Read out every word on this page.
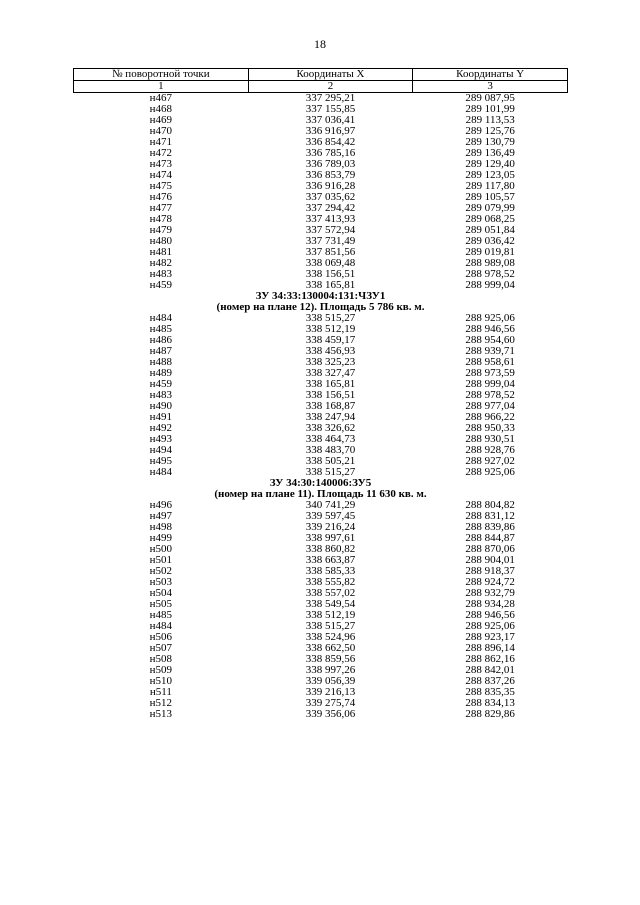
18
№ поворотной точки	Координаты X	Координаты Y
1	2	3
н467	337 295,21	289 087,95
н468	337 155,85	289 101,99
н469	337 036,41	289 113,53
н470	336 916,97	289 125,76
н471	336 854,42	289 130,79
н472	336 785,16	289 136,49
н473	336 789,03	289 129,40
н474	336 853,79	289 123,05
н475	336 916,28	289 117,80
н476	337 035,62	289 105,57
н477	337 294,42	289 079,99
н478	337 413,93	289 068,25
н479	337 572,94	289 051,84
н480	337 731,49	289 036,42
н481	337 851,56	289 019,81
н482	338 069,48	288 989,08
н483	338 156,51	288 978,52
н459	338 165,81	288 999,04
ЗУ 34:33:130004:131:ЧЗУ1		
(номер на плане 12). Площадь 5 786 кв. м.		
н484	338 515,27	288 925,06
н485	338 512,19	288 946,56
н486	338 459,17	288 954,60
н487	338 456,93	288 939,71
н488	338 325,23	288 958,61
н489	338 327,47	288 973,59
н459	338 165,81	288 999,04
н483	338 156,51	288 978,52
н490	338 168,87	288 977,04
н491	338 247,94	288 966,22
н492	338 326,62	288 950,33
н493	338 464,73	288 930,51
н494	338 483,70	288 928,76
н495	338 505,21	288 927,02
н484	338 515,27	288 925,06
ЗУ 34:30:140006:ЗУ5		
(номер на плане 11). Площадь 11 630 кв. м.		
н496	340 741,29	288 804,82
н497	339 597,45	288 831,12
н498	339 216,24	288 839,86
н499	338 997,61	288 844,87
н500	338 860,82	288 870,06
н501	338 663,87	288 904,01
н502	338 585,33	288 918,37
н503	338 555,82	288 924,72
н504	338 557,02	288 932,79
н505	338 549,54	288 934,28
н485	338 512,19	288 946,56
н484	338 515,27	288 925,06
н506	338 524,96	288 923,17
н507	338 662,50	288 896,14
н508	338 859,56	288 862,16
н509	338 997,26	288 842,01
н510	339 056,39	288 837,26
н511	339 216,13	288 835,35
н512	339 275,74	288 834,13
н513	339 356,06	288 829,86
